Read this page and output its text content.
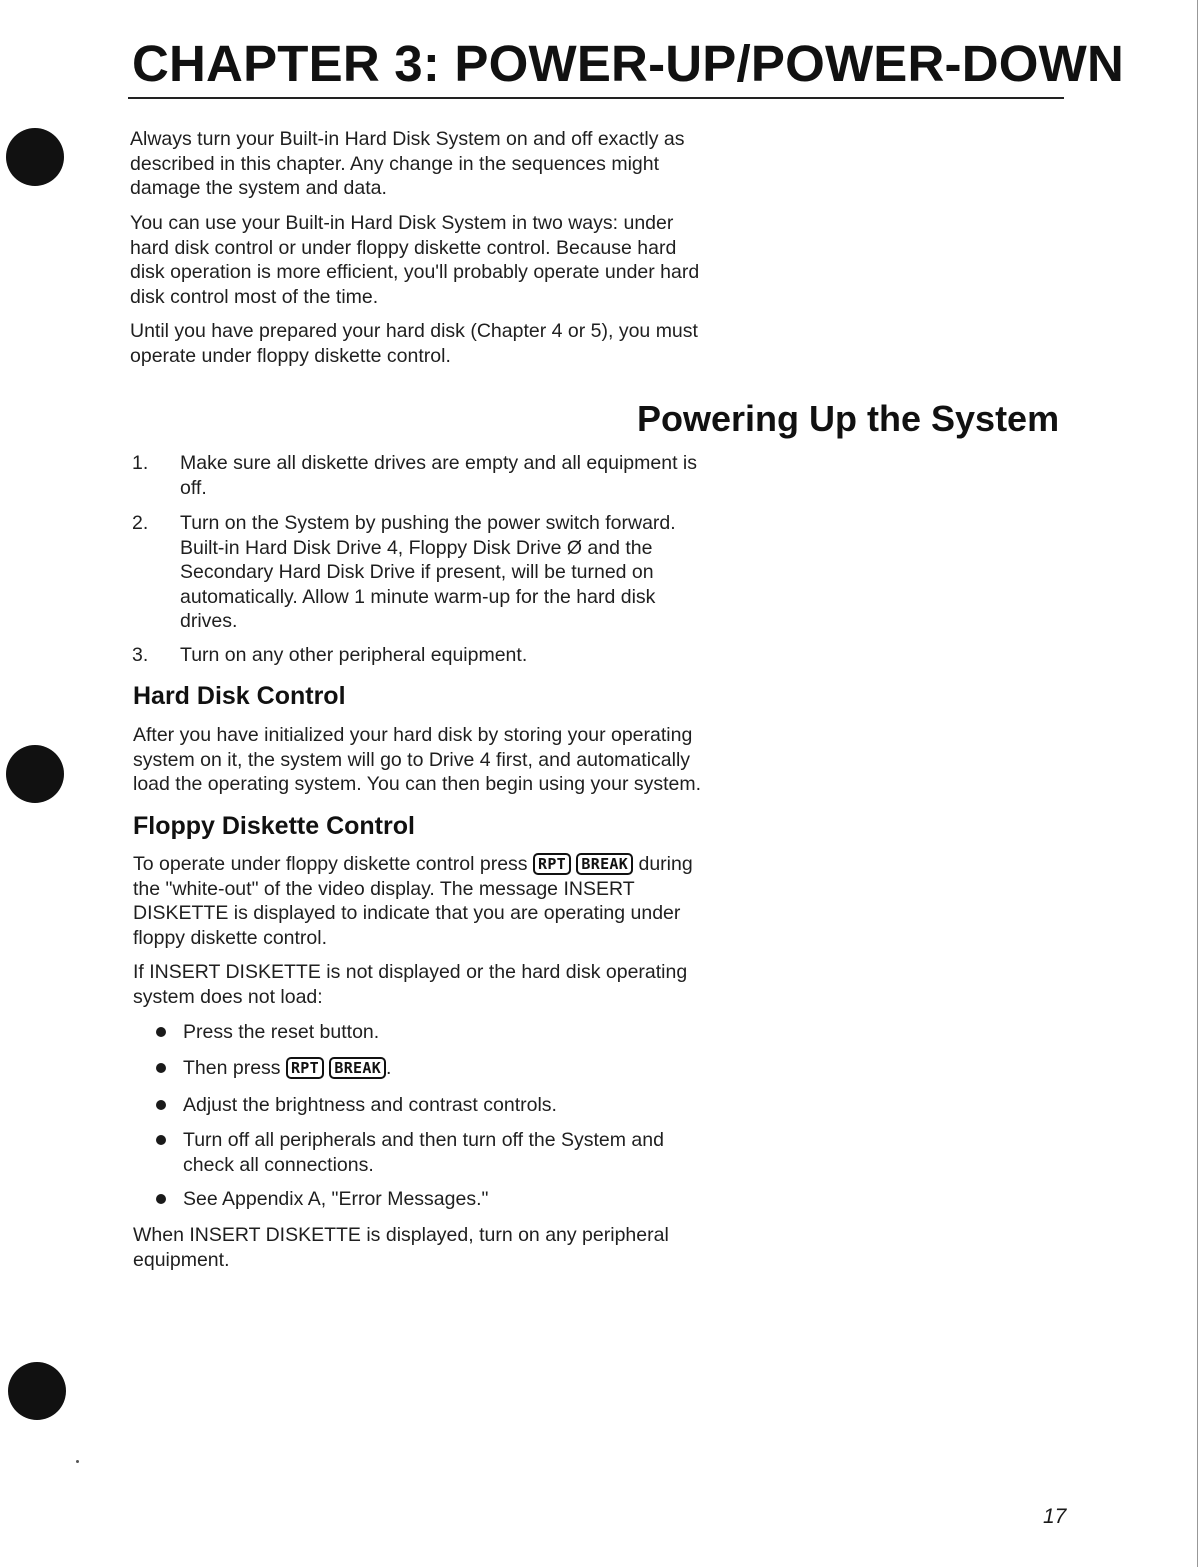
CHAPTER 3: POWER-UP/POWER-DOWN

Always turn your Built-in Hard Disk System on and off exactly as
described in this chapter. Any change in the sequences might
damage the system and data.

You can use your Built-in Hard Disk System in two ways: under
hard disk control or under floppy diskette control. Because hard
disk operation is more efficient, you'll probably operate under hard
disk control most of the time.

Until you have prepared your hard disk (Chapter 4 or 5), you must
operate under floppy diskette control.

Powering Up the System
1. Make sure all diskette drives are empty and all equipment is
off.

2. Turn on the System by pushing the power switch forward.
Built-in Hard Disk Drive 4, Floppy Disk Drive Ø and the
Secondary Hard Disk Drive if present, will be turned on
automatically. Allow 1 minute warm-up for the hard disk
drives.

3. Turn on any other peripheral equipment.

Hard Disk Control

After you have initialized your hard disk by storing your operating
system on it, the system will go to Drive 4 first, and automatically
load the operating system. You can then begin using your system.

Floppy Diskette Control

To operate under floppy diskette control press RPT BREAK during
the "white-out" of the video display. The message INSERT
DISKETTE is displayed to indicate that you are operating under
floppy diskette control.

If INSERT DISKETTE is not displayed or the hard disk operating
system does not load:

Press the reset button.

Then press RPT BREAK .

Adjust the brightness and contrast controls.

Turn off all peripherals and then turn off the System and
check all connections.

See Appendix A, "Error Messages."

When INSERT DISKETTE is displayed, turn on any peripheral
equipment.

17
